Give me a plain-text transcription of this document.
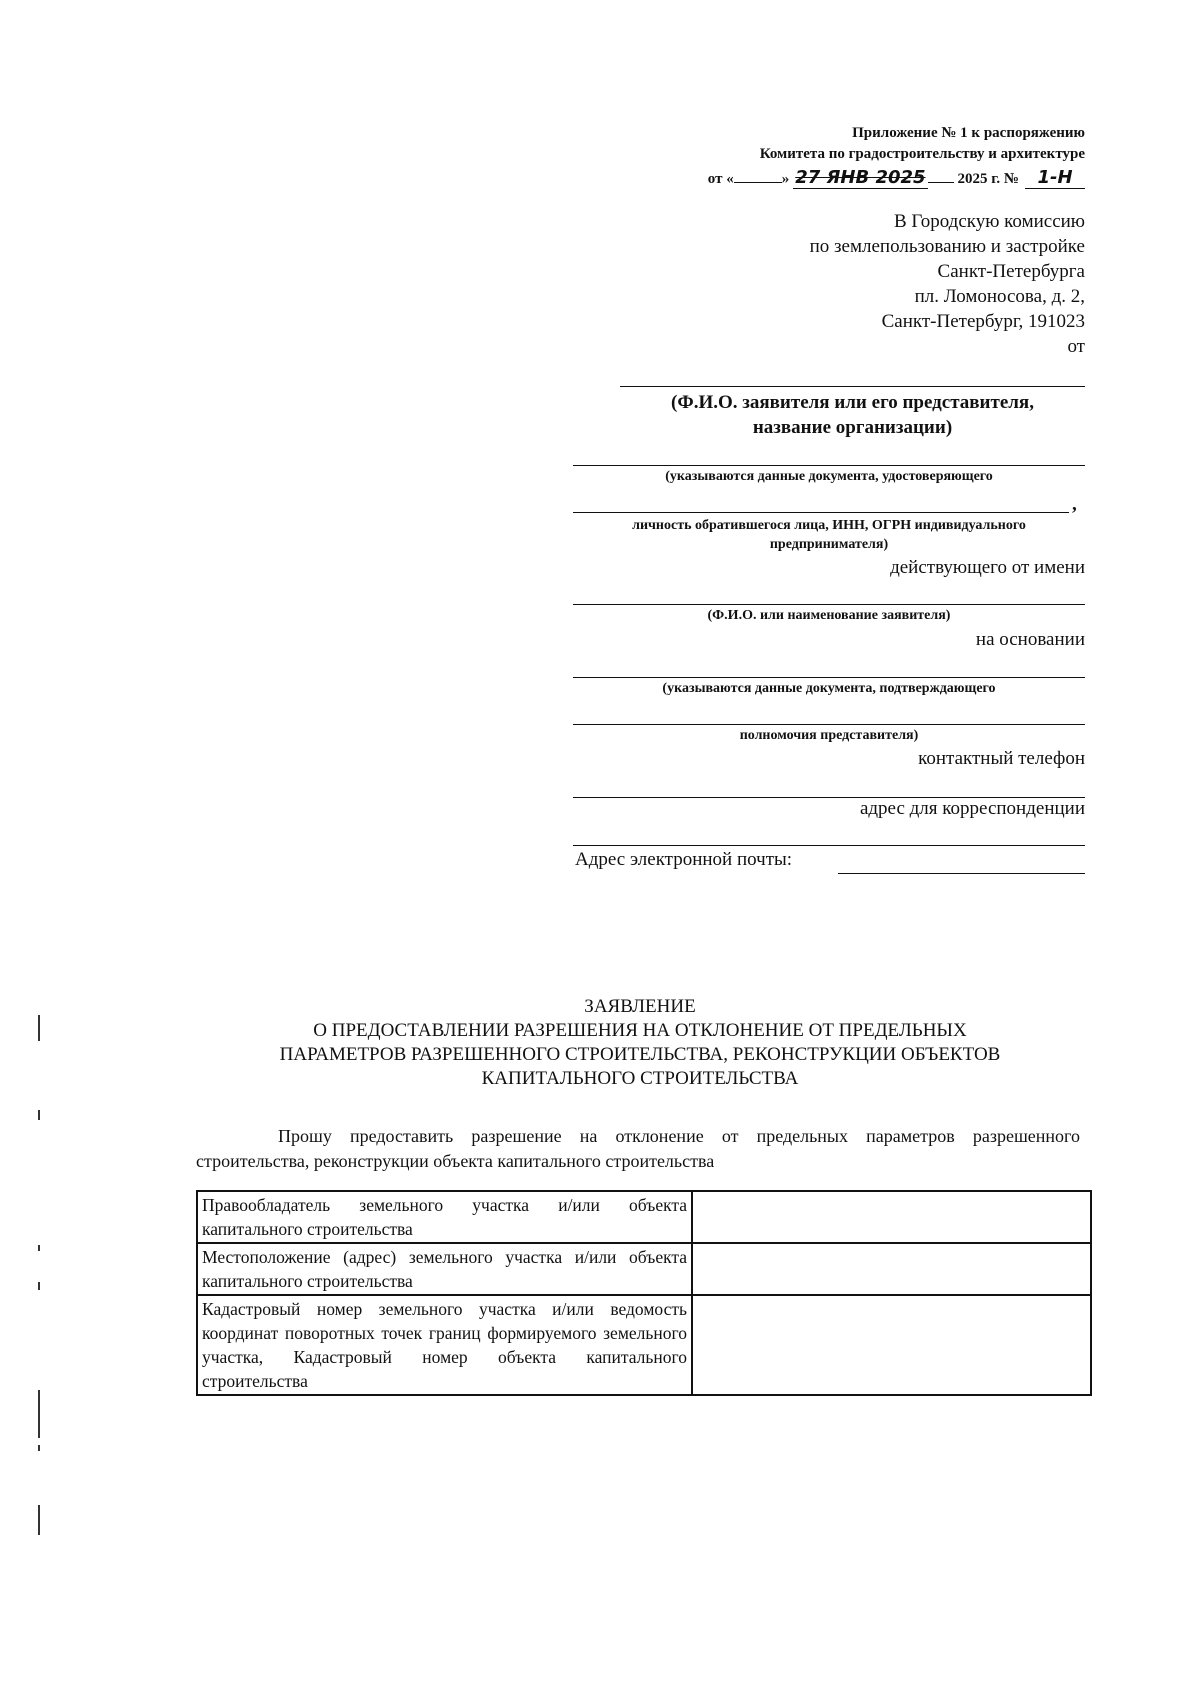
Приложение № 1 к распоряжению
Комитета по градостроительству и архитектуре
от «	» 27 ЯНВ 2025 2025 г. №	1-Н
В Городскую комиссию
по землепользованию и застройке
Санкт-Петербурга
пл. Ломоносова, д. 2,
Санкт-Петербург, 191023
от
(Ф.И.О. заявителя или его представителя,
название организации)
(указываются данные документа, удостоверяющего
,
личность обратившегося лица, ИНН, ОГРН индивидуального
предпринимателя)
действующего от имени
(Ф.И.О. или наименование заявителя)
на основании
(указываются данные документа, подтверждающего
полномочия представителя)
контактный телефон
адрес для корреспонденции
Адрес электронной почты:
ЗАЯВЛЕНИЕ
О ПРЕДОСТАВЛЕНИИ РАЗРЕШЕНИЯ НА ОТКЛОНЕНИЕ ОТ ПРЕДЕЛЬНЫХ
ПАРАМЕТРОВ РАЗРЕШЕННОГО СТРОИТЕЛЬСТВА, РЕКОНСТРУКЦИИ ОБЪЕКТОВ
КАПИТАЛЬНОГО СТРОИТЕЛЬСТВА
Прошу предоставить разрешение на отклонение от предельных параметров разрешенного строительства, реконструкции объекта капитального строительства
Правообладатель земельного участка и/или объекта капитального строительства	
Местоположение (адрес) земельного участка и/или объекта капитального строительства	
Кадастровый номер земельного участка и/или ведомость координат поворотных точек границ формируемого земельного участка, Кадастровый номер объекта капитального строительства	
